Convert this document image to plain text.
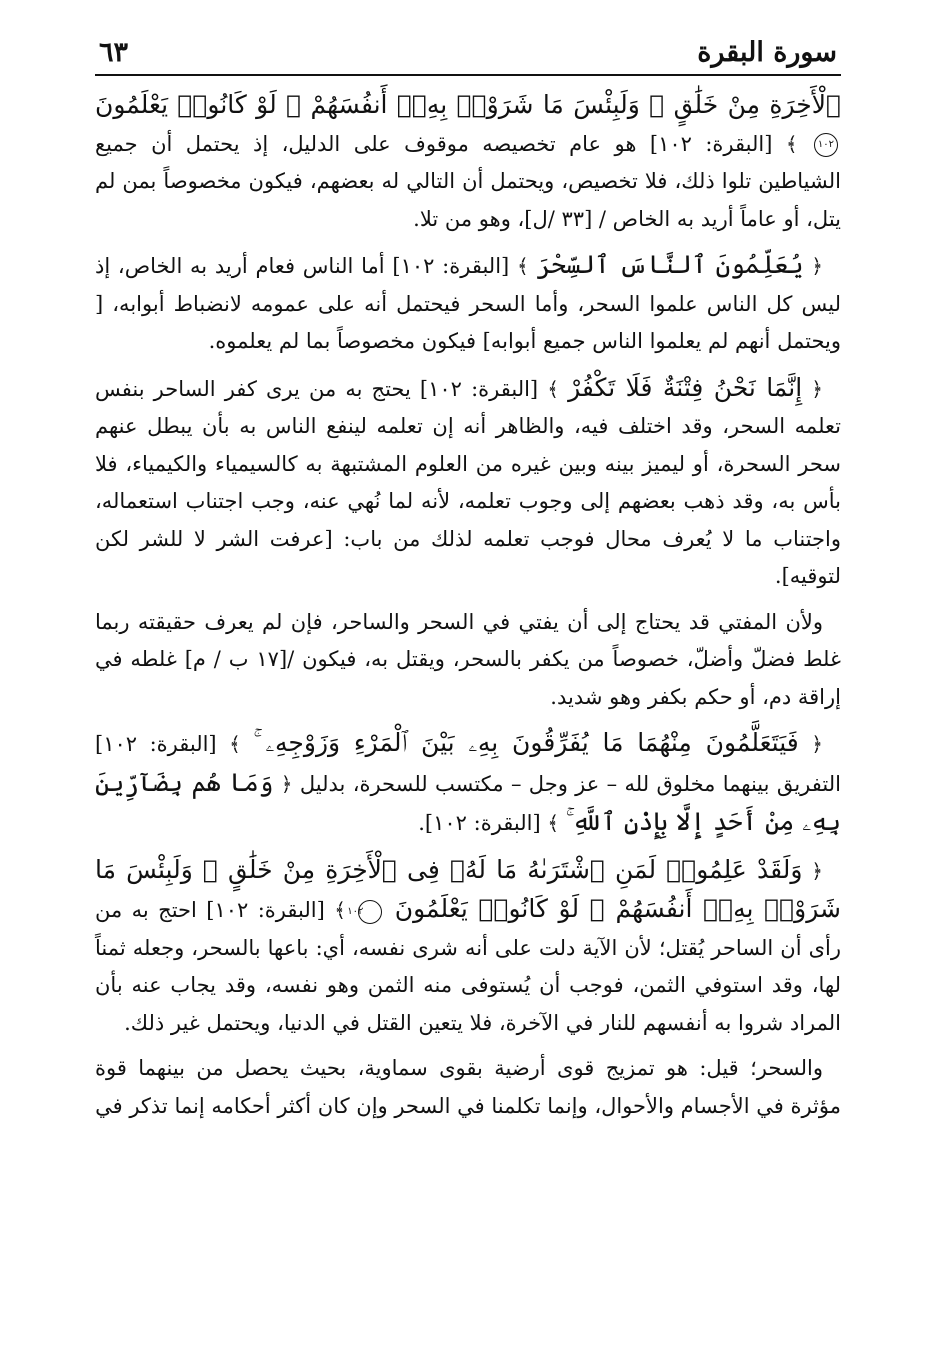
سورة البقرة
٦٣

ٱلْأَخِرَةِ مِنْ خَلَٰقٍ ۚ وَلَبِئْسَ مَا شَرَوْا۟ بِهِۦٓ أَنفُسَهُمْ ۚ لَوْ كَانُوا۟ يَعْلَمُونَ ١٠٢ ﴾ [البقرة: ١٠٢] هو عام تخصيصه موقوف على الدليل، إذ يحتمل أن جميع الشياطين تلوا ذلك، فلا تخصيص، ويحتمل أن التالي له بعضهم، فيكون مخصوصاً بمن لم يتل، أو عاماً أريد به الخاص / [٣٣ /ل]، وهو من تلا.

﴿ يُعَلِّمُونَ ٱلنَّاسَ ٱلسِّحْرَ ﴾ [البقرة: ١٠٢] أما الناس فعام أريد به الخاص، إذ ليس كل الناس علموا السحر، وأما السحر فيحتمل أنه على عمومه لانضباط أبوابه، [ ويحتمل أنهم لم يعلموا الناس جميع أبوابه] فيكون مخصوصاً بما لم يعلموه.

﴿ إِنَّمَا نَحْنُ فِتْنَةٌ فَلَا تَكْفُرْ ﴾ [البقرة: ١٠٢] يحتج به من يرى كفر الساحر بنفس تعلمه السحر، وقد اختلف فيه، والظاهر أنه إن تعلمه لينفع الناس به بأن يبطل عنهم سحر السحرة، أو ليميز بينه وبين غيره من العلوم المشتبهة به كالسيمياء والكيمياء، فلا بأس به، وقد ذهب بعضهم إلى وجوب تعلمه، لأنه لما نُهي عنه، وجب اجتناب استعماله، واجتناب ما لا يُعرف محال فوجب تعلمه لذلك من باب: [عرفت الشر لا للشر لكن لتوقيه].

ولأن المفتي قد يحتاج إلى أن يفتي في السحر والساحر، فإن لم يعرف حقيقته ربما غلط فضلّ وأضلّ، خصوصاً من يكفر بالسحر، ويقتل به، فيكون /[١٧ ب / م] غلطه في إراقة دم، أو حكم بكفر وهو شديد.

﴿ فَيَتَعَلَّمُونَ مِنْهُمَا مَا يُفَرِّقُونَ بِهِۦ بَيْنَ ٱلْمَرْءِ وَزَوْجِهِۦ ۚ ﴾ [البقرة: ١٠٢] التفريق بينهما مخلوق لله – عز وجل – مكتسب للسحرة، بدليل ﴿ وَمَا هُم بِضَآرِّينَ بِهِۦ مِنْ أَحَدٍ إِلَّا بِإِذْنِ ٱللَّهِ ۚ ﴾ [البقرة: ١٠٢].

﴿ وَلَقَدْ عَلِمُوا۟ لَمَنِ ٱشْتَرَىٰهُ مَا لَهُۥ فِى ٱلْأَخِرَةِ مِنْ خَلَٰقٍ ۚ وَلَبِئْسَ مَا شَرَوْا۟ بِهِۦٓ أَنفُسَهُمْ ۚ لَوْ كَانُوا۟ يَعْلَمُونَ ١٠٢ ﴾ [البقرة: ١٠٢] احتج به من رأى أن الساحر يُقتل؛ لأن الآية دلت على أنه شرى نفسه، أي: باعها بالسحر، وجعله ثمناً لها، وقد استوفي الثمن، فوجب أن يُستوفى منه الثمن وهو نفسه، وقد يجاب عنه بأن المراد شروا به أنفسهم للنار في الآخرة، فلا يتعين القتل في الدنيا، ويحتمل غير ذلك.

والسحر؛ قيل: هو تمزيج قوى أرضية بقوى سماوية، بحيث يحصل من بينهما قوة مؤثرة في الأجسام والأحوال، وإنما تكلمنا في السحر وإن كان أكثر أحكامه إنما تذكر في
